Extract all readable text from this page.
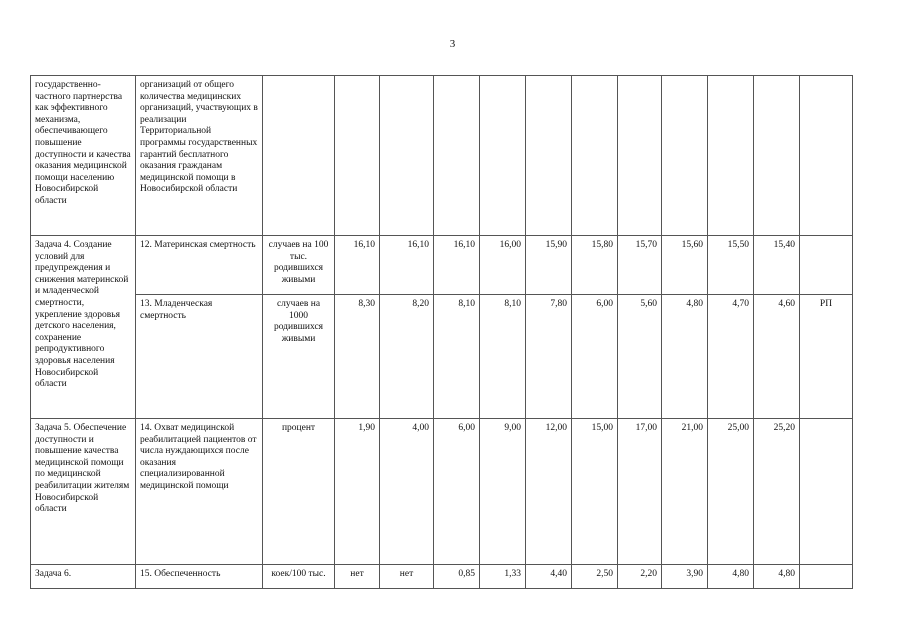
3
государственно-частного партнерства как эффективного механизма, обеспечивающего повышение доступности и качества оказания медицинской помощи населению Новосибирской области	организаций от общего количества медицинских организаций, участвующих в реализации Территориальной программы государственных гарантий бесплатного оказания гражданам медицинской помощи в Новосибирской области												
Задача 4. Создание условий для предупреждения и снижения материнской и младенческой смертности, укрепление здоровья детского населения, сохранение репродуктивного здоровья населения Новосибирской области	12. Материнская смертность	случаев на 100 тыс. родившихся живыми	16,10	16,10	16,10	16,00	15,90	15,80	15,70	15,60	15,50	15,40	
	13. Младенческая смертность	случаев на 1000 родившихся живыми	8,30	8,20	8,10	8,10	7,80	6,00	5,60	4,80	4,70	4,60	РП
Задача 5. Обеспечение доступности и повышение качества медицинской помощи по медицинской реабилитации жителям Новосибирской области	14. Охват медицинской реабилитацией пациентов от числа нуждающихся после оказания специализированной медицинской помощи	процент	1,90	4,00	6,00	9,00	12,00	15,00	17,00	21,00	25,00	25,20	
Задача 6.	15. Обеспеченность	коек/100 тыс.	нет	нет	0,85	1,33	4,40	2,50	2,20	3,90	4,80	4,80	
